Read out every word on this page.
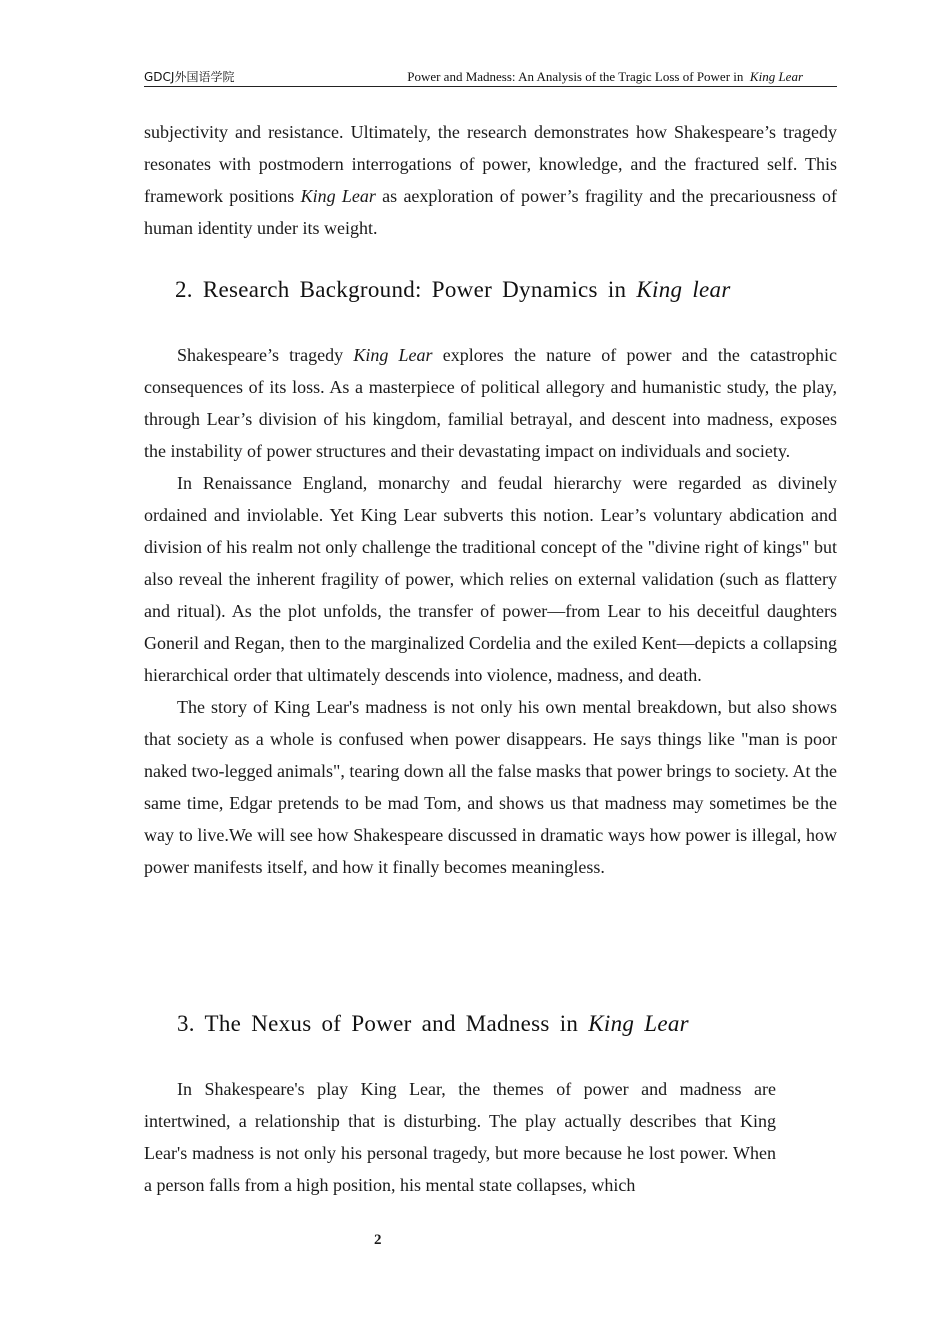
GDCJ外国语学院	Power and Madness: An Analysis of the Tragic Loss of Power in King Lear

subjectivity and resistance. Ultimately, the research demonstrates how Shakespeare’s tragedy resonates with postmodern interrogations of power, knowledge, and the fractured self. This framework positions King Lear as aexploration of power’s fragility and the precariousness of human identity under its weight.

2. Research Background: Power Dynamics in King lear

Shakespeare’s tragedy King Lear explores the nature of power and the catastrophic consequences of its loss. As a masterpiece of political allegory and humanistic study, the play, through Lear’s division of his kingdom, familial betrayal, and descent into madness, exposes the instability of power structures and their devastating impact on individuals and society.

In Renaissance England, monarchy and feudal hierarchy were regarded as divinely ordained and inviolable. Yet King Lear subverts this notion. Lear’s voluntary abdication and division of his realm not only challenge the traditional concept of the "divine right of kings" but also reveal the inherent fragility of power, which relies on external validation (such as flattery and ritual). As the plot unfolds, the transfer of power—from Lear to his deceitful daughters Goneril and Regan, then to the marginalized Cordelia and the exiled Kent—depicts a collapsing hierarchical order that ultimately descends into violence, madness, and death.

The story of King Lear's madness is not only his own mental breakdown, but also shows that society as a whole is confused when power disappears. He says things like "man is poor naked two-legged animals", tearing down all the false masks that power brings to society. At the same time, Edgar pretends to be mad Tom, and shows us that madness may sometimes be the way to live.We will see how Shakespeare discussed in dramatic ways how power is illegal, how power manifests itself, and how it finally becomes meaningless.

3. The Nexus of Power and Madness in King Lear

In Shakespeare's play King Lear, the themes of power and madness are intertwined, a relationship that is disturbing. The play actually describes that King Lear's madness is not only his personal tragedy, but more because he lost power. When a person falls from a high position, his mental state collapses, which

2
